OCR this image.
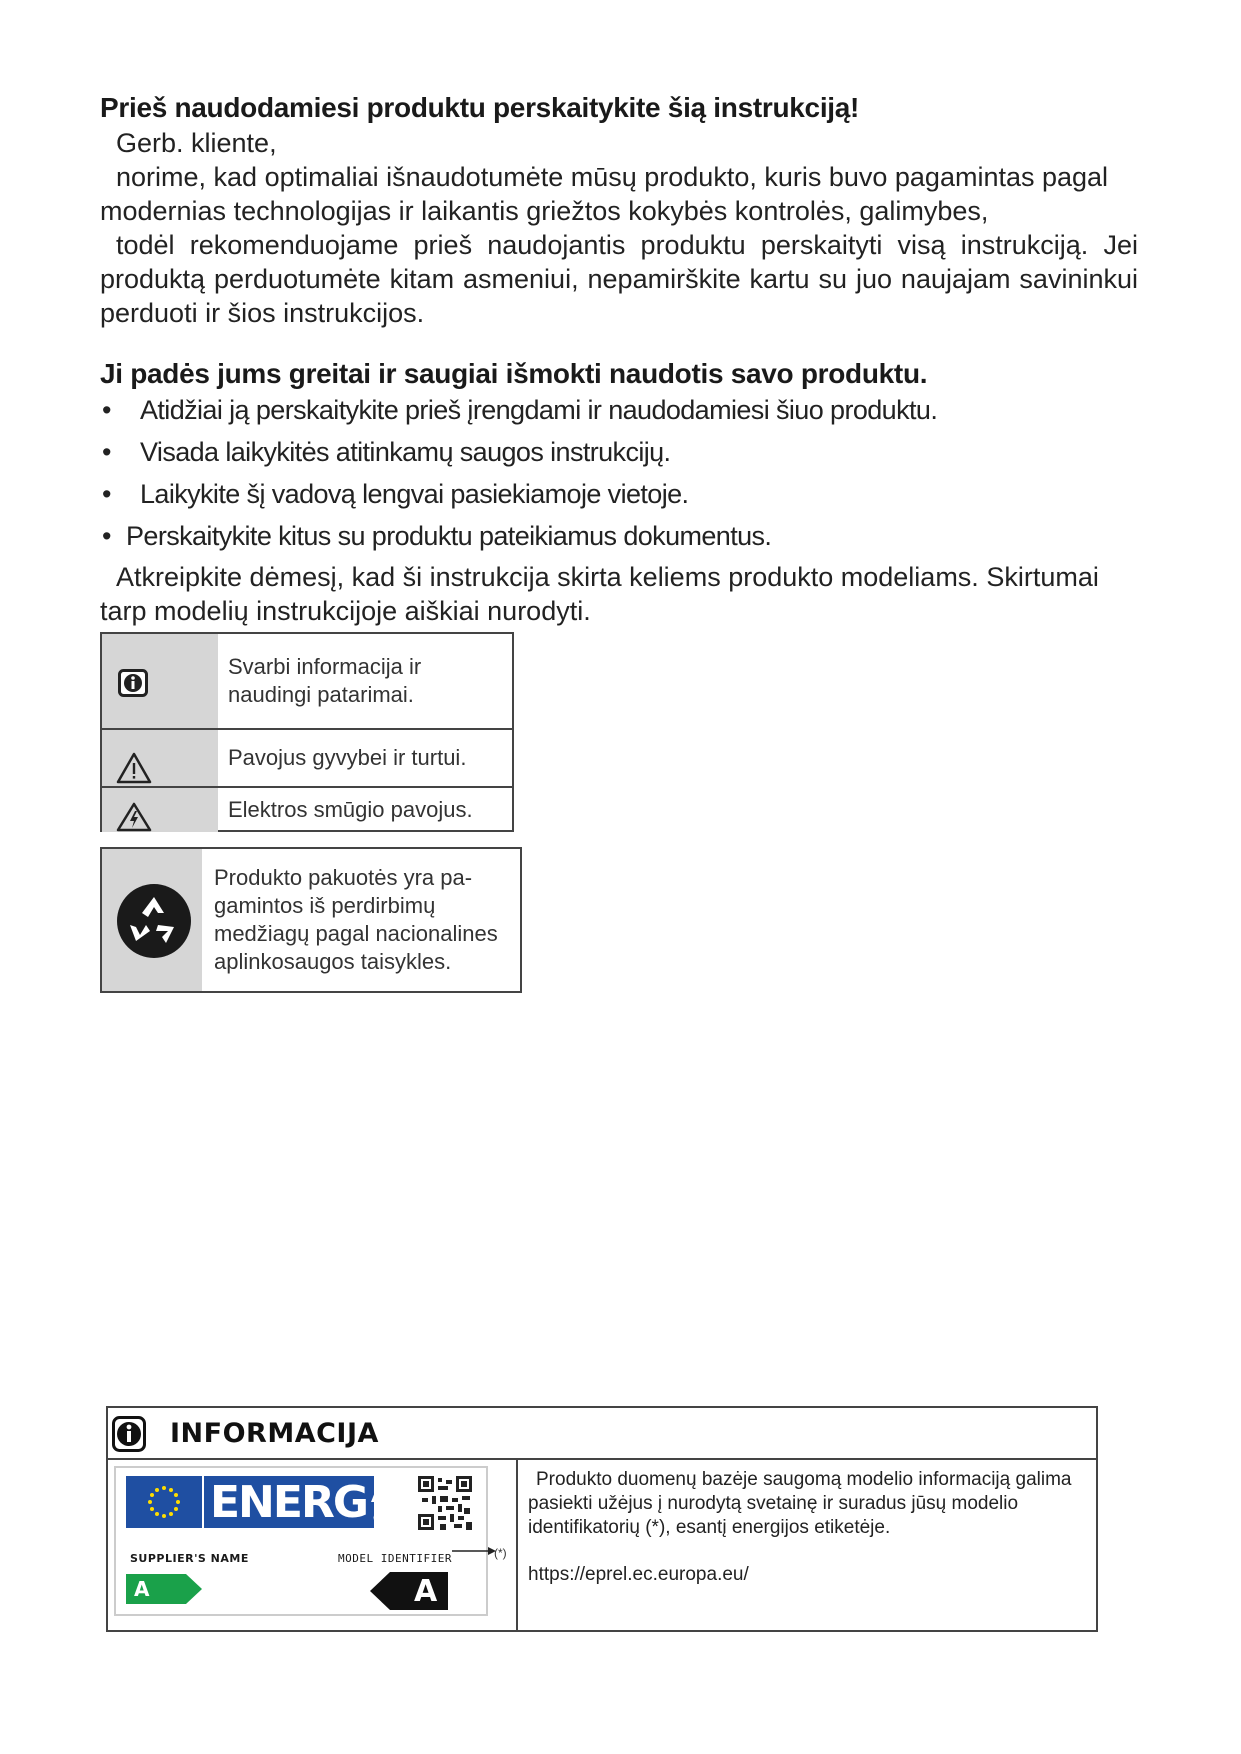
Prieš naudodamiesi produktu perskaitykite šią instrukciją!
Gerb. kliente,
norime, kad optimaliai išnaudotumėte mūsų produkto, kuris buvo pagamintas pagal modernias technologijas ir laikantis griežtos kokybės kontrolės, galimybes,
todėl rekomenduojame prieš naudojantis produktu perskaityti visą instrukciją. Jei produktą perduotumėte kitam asmeniui, nepamirškite kartu su juo naujajam savininkui perduoti ir šios instrukcijos.
Ji padės jums greitai ir saugiai išmokti naudotis savo produktu.
• Atidžiai ją perskaitykite prieš įrengdami ir naudodamiesi šiuo produktu.
• Visada laikykitės atitinkamų saugos instrukcijų.
• Laikykite šį vadovą lengvai pasiekiamoje vietoje.
• Perskaitykite kitus su produktu pateikiamus dokumentus.
Atkreipkite dėmesį, kad ši instrukcija skirta keliems produkto modeliams. Skirtumai tarp modelių instrukcijoje aiškiai nurodyti.
Svarbi informacija ir naudingi patarimai.
Pavojus gyvybei ir turtui.
Elektros smūgio pavojus.
Produkto pakuotės yra pa-gamintos iš perdirbimų medžiagų pagal nacionalines aplinkosaugos taisykles.
INFORMACIJA
ENERG
SUPPLIER'S NAME	MODEL IDENTIFIER
A	A
(*)
Produkto duomenų bazėje saugomą modelio informaciją galima pasiekti užėjus į nurodytą svetainę ir suradus jūsų modelio identifikatorių (*), esantį energijos etiketėje.
https://eprel.ec.europa.eu/
